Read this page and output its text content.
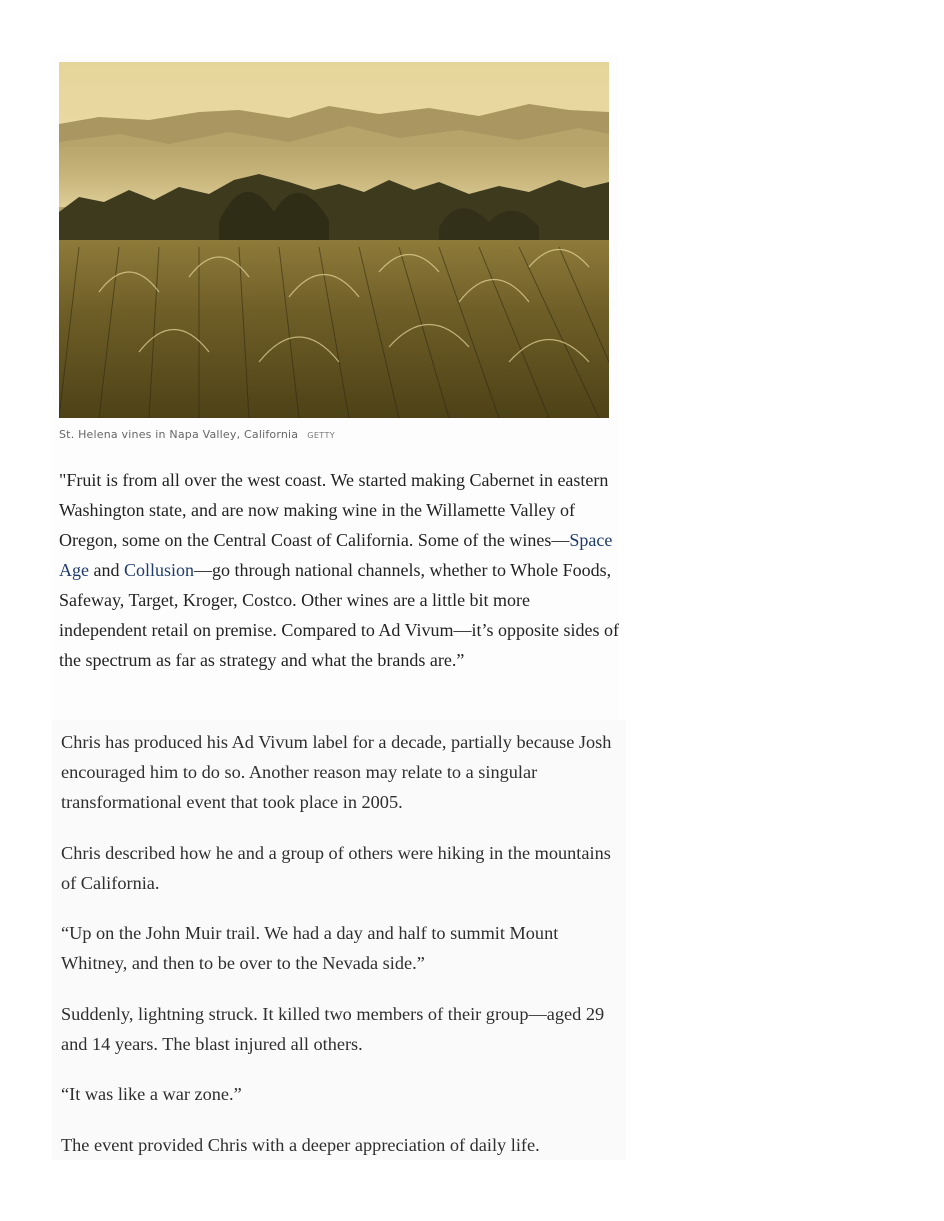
St. Helena vines in Napa Valley, California GETTY

"Fruit is from all over the west coast. We started making Cabernet in eastern Washington state, and are now making wine in the Willamette Valley of Oregon, some on the Central Coast of California. Some of the wines—Space Age and Collusion—go through national channels, whether to Whole Foods, Safeway, Target, Kroger, Costco. Other wines are a little bit more independent retail on premise. Compared to Ad Vivum—it’s opposite sides of the spectrum as far as strategy and what the brands are.”

Chris has produced his Ad Vivum label for a decade, partially because Josh encouraged him to do so. Another reason may relate to a singular transformational event that took place in 2005.

Chris described how he and a group of others were hiking in the mountains of California.

“Up on the John Muir trail. We had a day and half to summit Mount Whitney, and then to be over to the Nevada side.”

Suddenly, lightning struck. It killed two members of their group—aged 29 and 14 years. The blast injured all others.

“It was like a war zone.”

The event provided Chris with a deeper appreciation of daily life.
